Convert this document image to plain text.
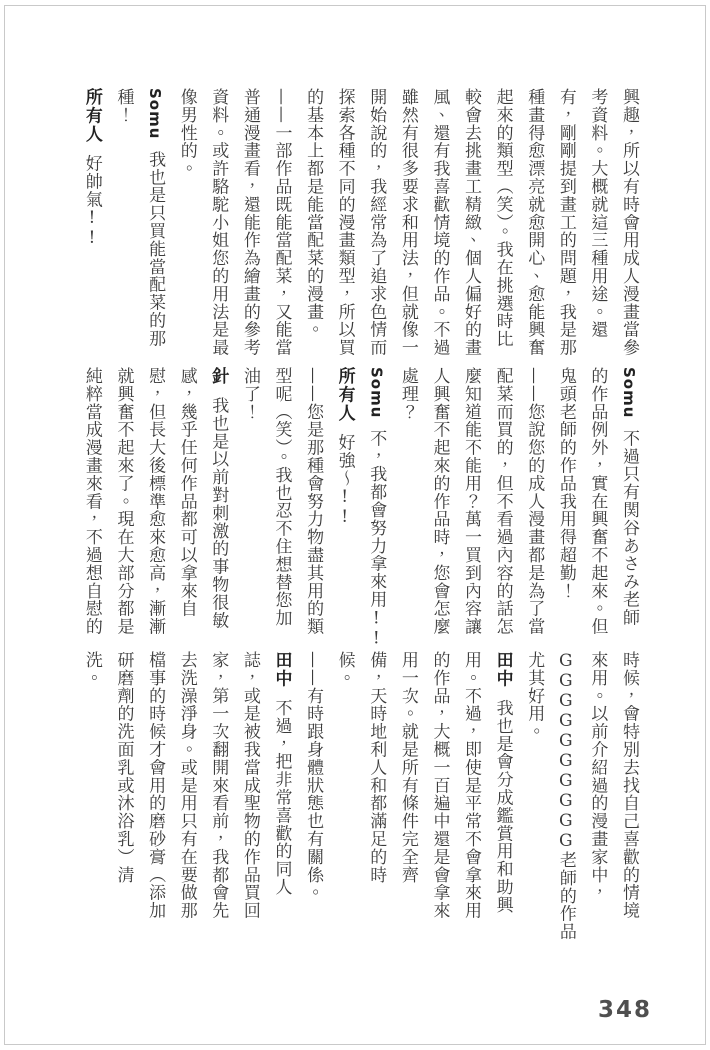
興趣，所以有時會用成人漫畫當參
考資料。大概就這三種用途。還
有，剛剛提到畫工的問題，我是那
種畫得愈漂亮就愈開心、愈能興奮
起來的類型（笑）。我在挑選時比
較會去挑畫工精緻、個人偏好的畫
風、還有我喜歡情境的作品。不過
雖然有很多要求和用法，但就像一
開始說的，我經常為了追求色情而
探索各種不同的漫畫類型，所以買
的基本上都是能當配菜的漫畫。
——一部作品既能當配菜，又能當
普通漫畫看，還能作為繪畫的參考
資料。或許駱駝小姐您的用法是最
像男性的。
Somu我也是只買能當配菜的那
種！
所有人好帥氣!!
Somu不過只有関谷あさみ老師
的作品例外，實在興奮不起來。但
鬼頭老師的作品我用得超勤！
——您說您的成人漫畫都是為了當
配菜而買的，但不看過內容的話怎
麼知道能不能用？萬一買到內容讓
人興奮不起來的作品時，您會怎麼
處理？
Somu不，我都會努力拿來用!!
所有人好強～!!
——您是那種會努力物盡其用的類
型呢（笑）。我也忍不住想替您加
油了！
針我也是以前對刺激的事物很敏
感，幾乎任何作品都可以拿來自
慰，但長大後標準愈來愈高，漸漸
就興奮不起來了。現在大部分都是
純粹當成漫畫來看，不過想自慰的
時候，會特別去找自己喜歡的情境
來用。以前介紹過的漫畫家中，
GGGGGGGGGG老師的作品
尤其好用。
田中我也是會分成鑑賞用和助興
用。不過，即使是平常不會拿來用
的作品，大概一百遍中還是會拿來
用一次。就是所有條件完全齊
備，天時地利人和都滿足的時
候。
——有時跟身體狀態也有關係。
田中不過，把非常喜歡的同人
誌，或是被我當成聖物的作品買回
家，第一次翻開來看前，我都會先
去洗澡淨身。或是用只有在要做那
檔事的時候才會用的磨砂膏（添加
研磨劑的洗面乳或沐浴乳）清
洗。
348
